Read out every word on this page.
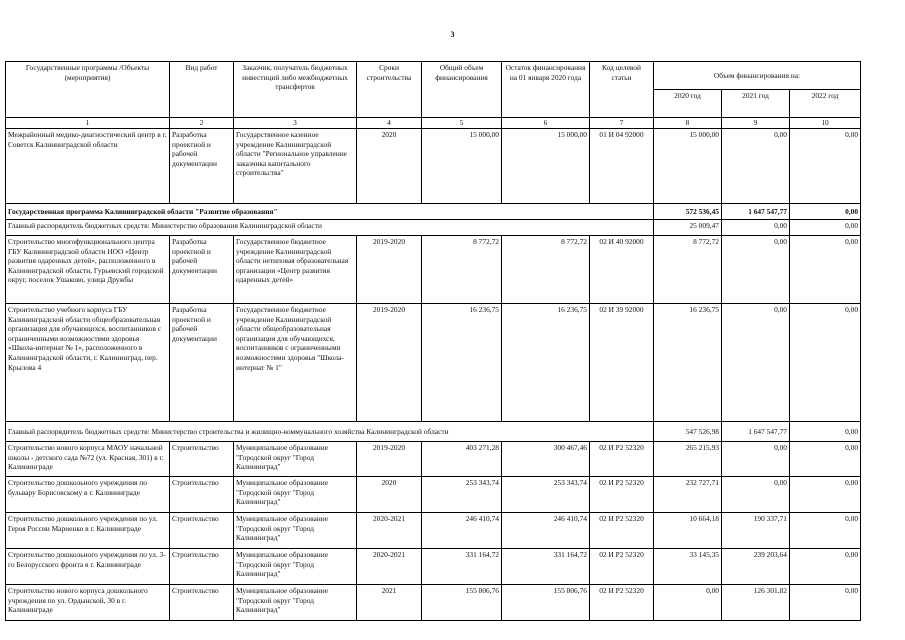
3
Государственные программы /Объекты (мероприятия)	Вид работ	Заказчик, получатель бюджетных инвестиций либо межбюджетных трансфертов	Сроки строительства	Общий объем финансирования	Остаток финансирования на 01 января 2020 года	Код целевой статьи	Объем финансирования на:		
							2020 год	2021 год	2022 год
1	2	3	4	5	6	7	8	9	10
Межрайонный медико-диагностический центр в г. Советск Калининградской области	Разработка проектной и рабочей документации	Государственное казенное учреждение Калининградской области "Региональное управление заказчика капитального строительства"	2020	15 000,00	15 000,00	01 И 04 92000	15 000,00	0,00	0,00
Государственная программа Калининградской области "Развитие образования"							572 536,45	1 647 547,77	0,00
Главный распорядитель бюджетных средств: Министерство образования Калининградской области							25 009,47	0,00	0,00
Строительство многофункционального центра ГБУ Калининградской области НОО «Центр развития одаренных детей», расположенного в Калининградской области, Гурьевский городской округ, поселок Ушаково, улица Дружбы	Разработка проектной и рабочей документации	Государственное бюджетное учреждение Калининградской области нетиповая образовательная организация «Центр развития одаренных детей»	2019-2020	8 772,72	8 772,72	02 И 40 92000	8 772,72	0,00	0,00
Строительство учебного корпуса ГБУ Калининградской области общеобразовательная организация для обучающихся, воспитанников с ограниченными возможностями здоровья «Школа-интернат № 1», расположенного в Калининградской области, г. Калининград, пер. Крылова 4	Разработка проектной и рабочей документации	Государственное бюджетное учреждение Калининградской области общеобразовательная организация для обучающихся, воспитанников с ограниченными возможностями здоровья "Школа-интернат № 1"	2019-2020	16 236,75	16 236,75	02 И 39 92000	16 236,75	0,00	0,00
Главный распорядитель бюджетных средств: Министерство строительства и жилищно-коммунального хозяйства Калининградской области							547 526,98	1 647 547,77	0,00
Строительство нового корпуса МАОУ начальной школы - детского сада №72 (ул. Красная, 301) в г. Калининграде	Строительство	Муниципальное образование "Городской округ "Город Калининград"	2019-2020	403 271,28	300 467,46	02 И Р2 52320	265 215,93	0,00	0,00
Строительство дошкольного учреждения по бульвару Борисовскому в г. Калининграде	Строительство	Муниципальное образование "Городской округ "Город Калининград"	2020	253 343,74	253 343,74	02 И Р2 52320	232 727,71	0,00	0,00
Строительство дошкольного учреждения по ул. Героя России Мариенко в г. Калининграде	Строительство	Муниципальное образование "Городской округ "Город Калининград"	2020-2021	246 410,74	246 410,74	02 И Р2 52320	10 664,18	190 337,71	0,00
Строительство дошкольного учреждения по ул. 3-го Белорусского фронта в г. Калининграде	Строительство	Муниципальное образование "Городской округ "Город Калининград"	2020-2021	331 164,72	331 164,72	02 И Р2 52320	33 145,35	239 203,64	0,00
Строительство нового корпуса дошкольного учреждения по ул. Ордынской, 30 в г. Калининграде	Строительство	Муниципальное образование "Городской округ "Город Калининград"	2021	155 806,76	155 806,76	02 И Р2 52320	0,00	126 301,82	0,00
